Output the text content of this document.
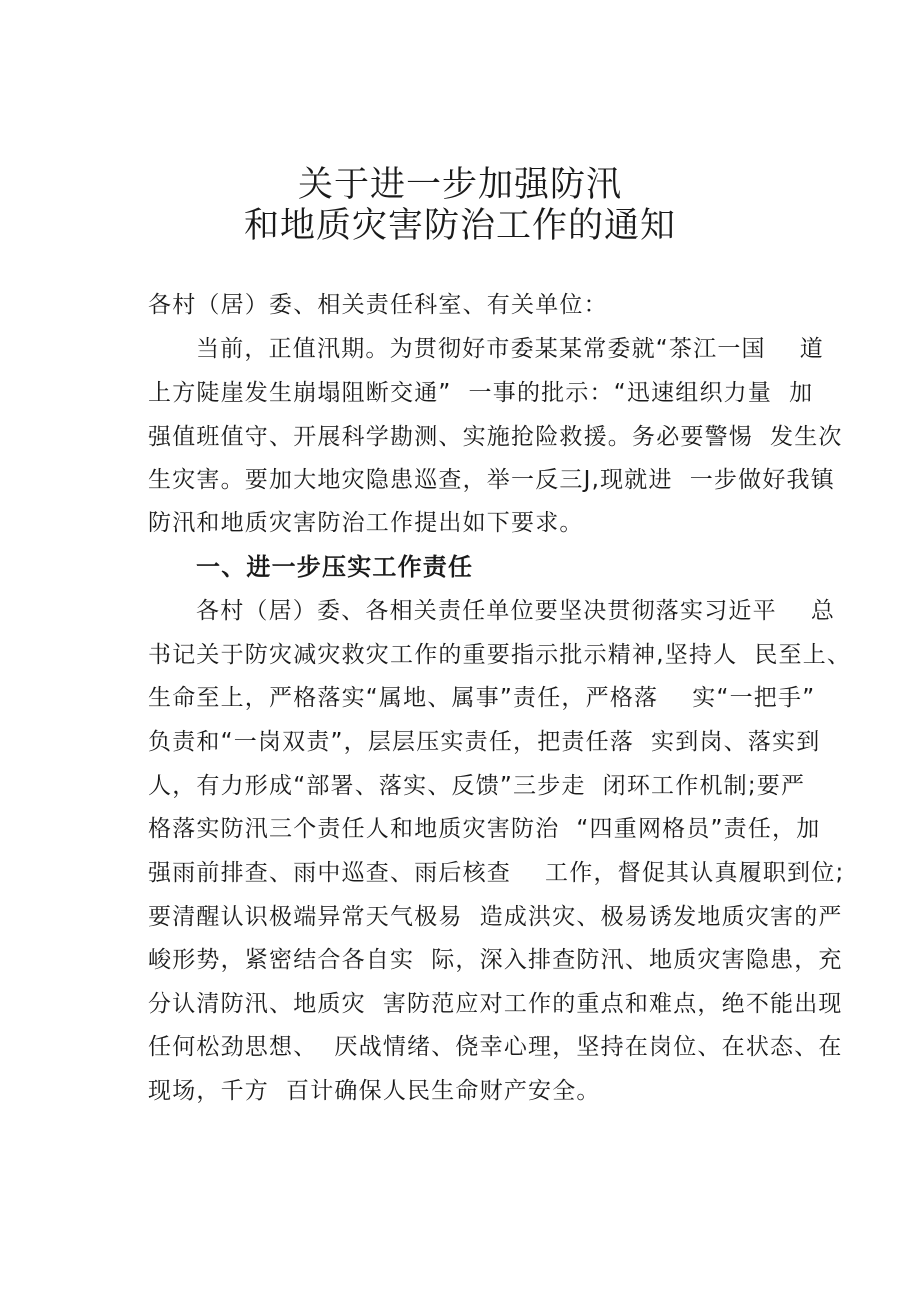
关于进一步加强防汛
和地质灾害防治工作的通知
各村（居）委、相关责任科室、有关单位：
当前，正值汛期。为贯彻好市委某某常委就“茶江一国    道
上方陡崖发生崩塌阻断交通”  一事的批示：“迅速组织力量  加
强值班值守、开展科学勘测、实施抢险救援。务必要警惕  发生次
生灾害。要加大地灾隐患巡查，举一反三J,现就进  一步做好我镇
防汛和地质灾害防治工作提出如下要求。
一、进一步压实工作责任
各村（居）委、各相关责任单位要坚决贯彻落实习近平    总
书记关于防灾减灾救灾工作的重要指示批示精神,坚持人  民至上、
生命至上，严格落实“属地、属事”责任，严格落    实“一把手”
负责和“一岗双责”，层层压实责任，把责任落  实到岗、落实到
人，有力形成“部署、落实、反馈”三步走  闭环工作机制;要严
格落实防汛三个责任人和地质灾害防治  “四重网格员”责任，加
强雨前排查、雨中巡查、雨后核查    工作，督促其认真履职到位;
要清醒认识极端异常天气极易  造成洪灾、极易诱发地质灾害的严
峻形势，紧密结合各自实  际，深入排查防汛、地质灾害隐患，充
分认清防汛、地质灾  害防范应对工作的重点和难点，绝不能出现
任何松劲思想、  厌战情绪、侥幸心理，坚持在岗位、在状态、在
现场，千方  百计确保人民生命财产安全。
